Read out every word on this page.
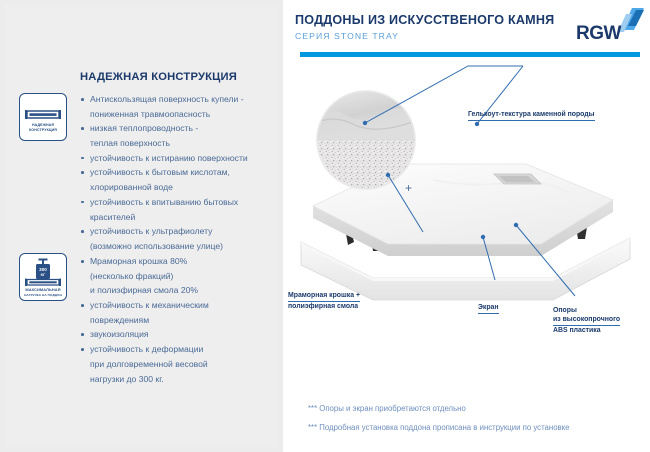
ПОДДОНЫ ИЗ ИСКУССТВЕНОГО КАМНЯ
СЕРИЯ STONE TRAY	RGW
НАДЕЖНАЯ КОНСТРУКЦИЯ
НАДЕЖНАЯ
КОНСТРУКЦИЯ
300
КГ
МАКСИМАЛЬНАЯ
НАГРУЗКА НА ПОДДОН
Антискользящая поверхность купели -
пониженная травмоопасность
низкая теплопроводность -
теплая поверхность
устойчивость к истиранию поверхности
устойчивость к бытовым кислотам,
хлорированной воде
устойчивость к впитыванию бытовых
красителей
устойчивость к ультрафиолету
(возможно использование улице)
Мраморная крошка 80%
(несколько фракций)
и полиэфирная смола 20%
устойчивость к механическим
повреждениям
звукоизоляция
устойчивость к деформации
при долговременной весовой
нагрузки до 300 кг.
+
Гелькоут-текстура каменной породы
Мраморная крошка +
полиэфирная смола	Экран	Опоры
из высокопрочного
ABS пластика
*** Опоры и экран приобретаются отдельно
*** Подробная установка поддона прописана в инструкции по установке
